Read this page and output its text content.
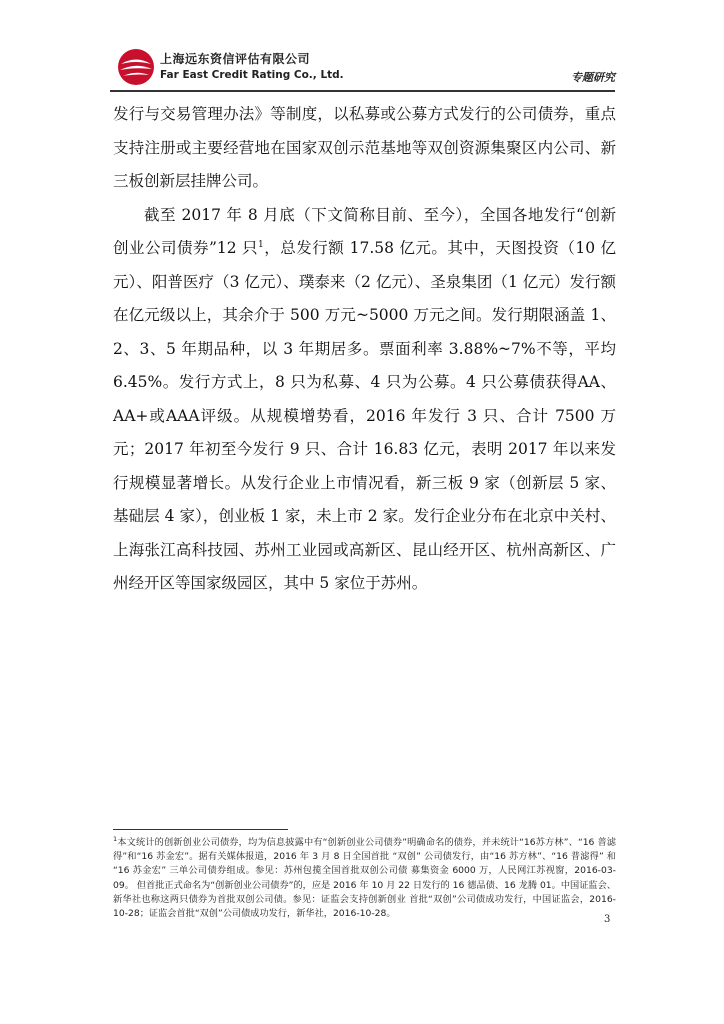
上海远东资信评估有限公司
Far East Credit Rating Co., Ltd.	专题研究

发行与交易管理办法》等制度，以私募或公募方式发行的公司债券，重点支持注册或主要经营地在国家双创示范基地等双创资源集聚区内公司、新三板创新层挂牌公司。

截至 2017 年 8 月底（下文简称目前、至今），全国各地发行“创新创业公司债券”12 只$^1$，总发行额 17.58 亿元。其中，天图投资（10 亿元）、阳普医疗（3 亿元）、璞泰来（2 亿元）、圣泉集团（1 亿元）发行额在亿元级以上，其余介于 500 万元~5000 万元之间。发行期限涵盖 1、2、3、5 年期品种，以 3 年期居多。票面利率 3.88%~7%不等，平均 6.45%。发行方式上，8 只为私募、4 只为公募。4 只公募债获得AA、AA+或AAA评级。从规模增势看，2016 年发行 3 只、合计 7500 万元；2017 年初至今发行 9 只、合计 16.83 亿元，表明 2017 年以来发行规模显著增长。从发行企业上市情况看，新三板 9 家（创新层 5 家、基础层 4 家），创业板 1 家，未上市 2 家。发行企业分布在北京中关村、上海张江高科技园、苏州工业园或高新区、昆山经开区、杭州高新区、广州经开区等国家级园区，其中 5 家位于苏州。

$^1$本文统计的创新创业公司债券，均为信息披露中有“创新创业公司债券”明确命名的债券，并未统计“16苏方林”、“16 普滤得”和“16 苏金宏”。据有关媒体报道，2016 年 3 月 8 日全国首批 “双创” 公司债发行，由“16 苏方林”、“16 普滤得” 和 “16 苏金宏” 三单公司债券组成。参见：苏州包揽全国首批双创公司债 募集资金 6000 万，人民网江苏视窗，2016-03-09。 但首批正式命名为“创新创业公司债券”的，应是 2016 年 10 月 22 日发行的 16 德品债、16 龙腾 01。中国证监会、新华社也称这两只债券为首批双创公司债。参见：证监会支持创新创业 首批“双创”公司债成功发行，中国证监会，2016-10-28；证监会首批“双创”公司债成功发行，新华社，2016-10-28。
3
